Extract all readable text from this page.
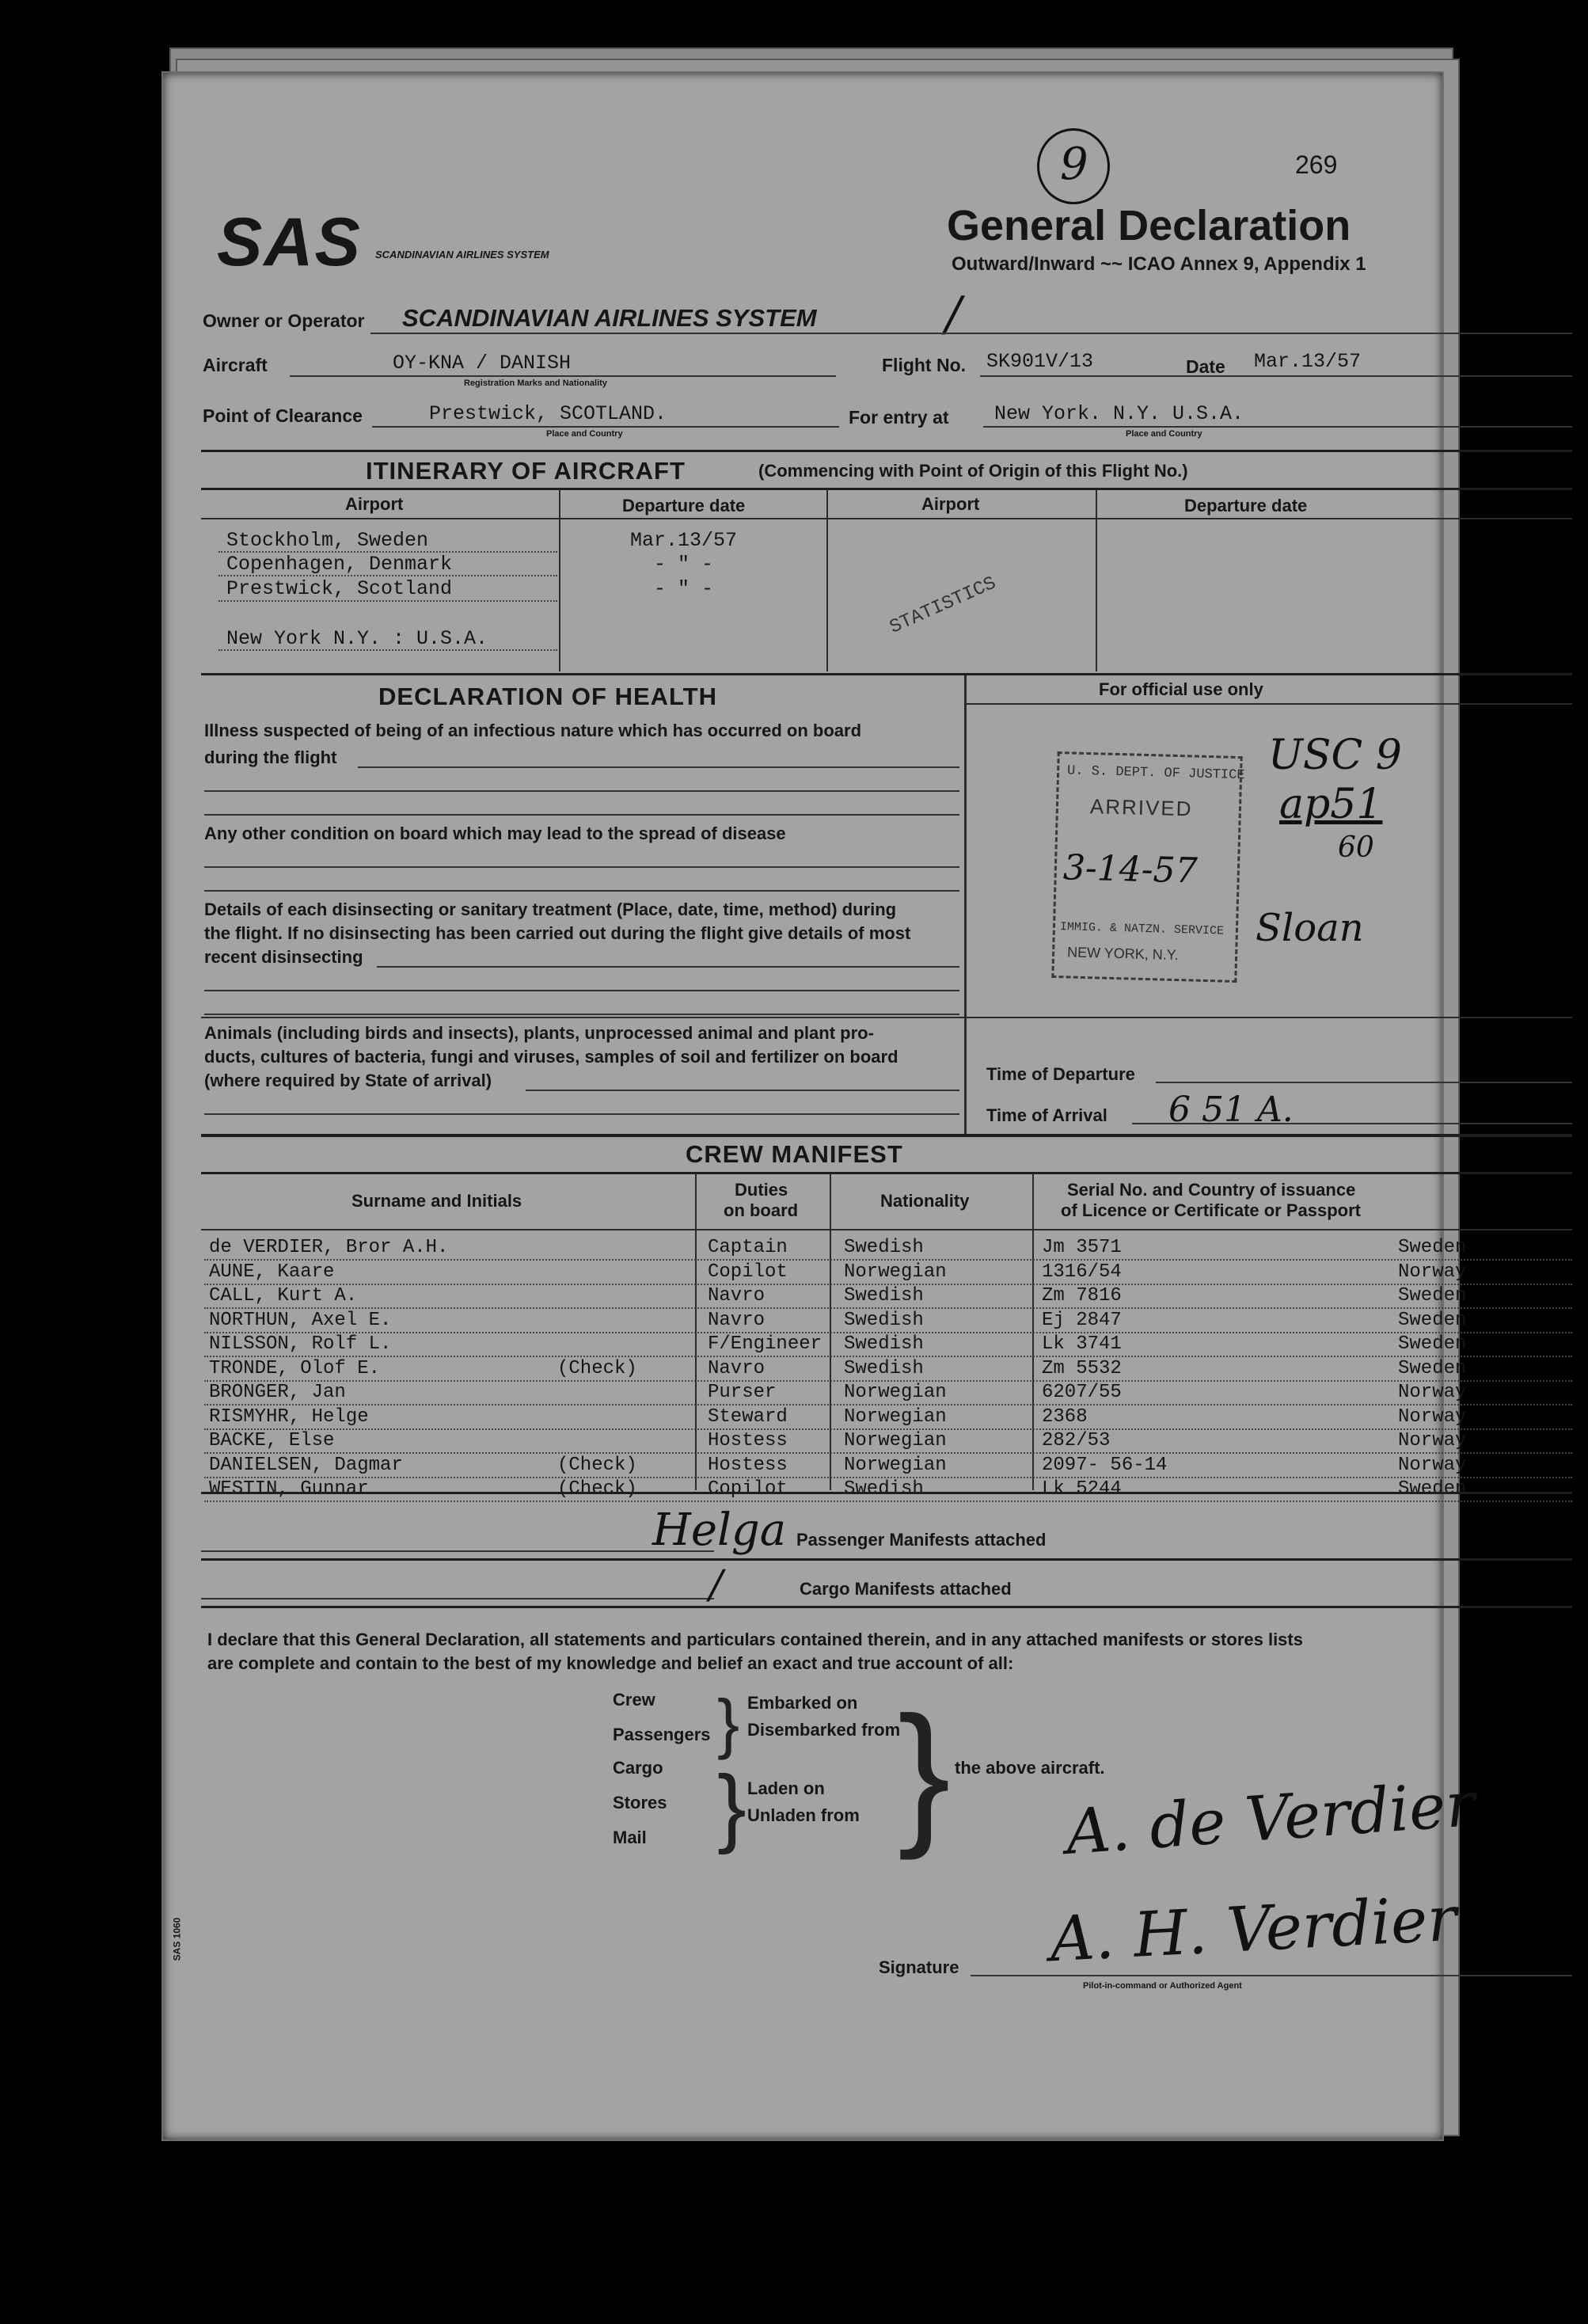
SAS SCANDINAVIAN AIRLINES SYSTEM
9	269
General Declaration
Outward/Inward ~~ ICAO Annex 9, Appendix 1
Owner or Operator SCANDINAVIAN AIRLINES SYSTEM	/
Aircraft	OY-KNA / DANISH
Registration Marks and Nationality
Flight No. SK901V/13	Date Mar.13/57
Point of Clearance	Prestwick, SCOTLAND.
Place and Country
For entry at New York. N.Y. U.S.A.
Place and Country
ITINERARY OF AIRCRAFT	(Commencing with Point of Origin of this Flight No.)
Airport	Departure date	Airport	Departure date
Stockholm, Sweden	Mar.13/57
Copenhagen, Denmark	- " -
Prestwick, Scotland	- " -
New York N.Y. : U.S.A.	STATISTICS
DECLARATION OF HEALTH	For official use only
Illness suspected of being of an infectious nature which has occurred on board
during the flight
Any other condition on board which may lead to the spread of disease
Details of each disinsecting or sanitary treatment (Place, date, time, method) during
the flight. If no disinsecting has been carried out during the flight give details of most
recent disinsecting
Animals (including birds and insects), plants, unprocessed animal and plant pro-
ducts, cultures of bacteria, fungi and viruses, samples of soil and fertilizer on board
(where required by State of arrival)
U. S. DEPT. OF JUSTICE
ARRIVED
3-14-57
IMMIG. & NATZN. SERVICE
NEW YORK, N.Y.
USC 9
ap51
60
Sloan
Time of Departure
Time of Arrival 6 51 A.
CREW MANIFEST
Surname and Initials
Duties
on board	Nationality
Serial No. and Country of issuance
of Licence or Certificate or Passport
de VERDIER, Bror A.H.	Captain	Swedish	Jm 3571	Sweden
AUNE, Kaare	Copilot	Norwegian	1316/54	Norway
CALL, Kurt A.	Navro	Swedish	Zm 7816	Sweden
NORTHUN, Axel E.	Navro	Swedish	Ej 2847	Sweden
NILSSON, Rolf L.	F/Engineer Swedish	Lk 3741	Sweden
TRONDE, Olof E.	(Check)	Navro	Swedish	Zm 5532	Sweden
BRONGER, Jan	Purser	Norwegian	6207/55	Norway
RISMYHR, Helge	Steward	Norwegian	2368	Norway
BACKE, Else	Hostess	Norwegian	282/53	Norway
DANIELSEN, Dagmar	(Check)	Hostess	Norwegian	2097- 56-14	Norway
WESTIN, Gunnar	(Check)	Copilot	Swedish	Lk 5244	Sweden
Helga Passenger Manifests attached
/	Cargo Manifests attached
I declare that this General Declaration, all statements and particulars contained therein, and in any attached manifests or stores lists
are complete and contain to the best of my knowledge and belief an exact and true account of all:
Crew
Passengers
Cargo
Stores
Mail
}
}
Embarked on
Disembarked from
Laden on
Unladen from } the above aircraft.
A. de Verdier
A. H. Verdier
Signature
Pilot-in-command or Authorized Agent
SAS 1060
